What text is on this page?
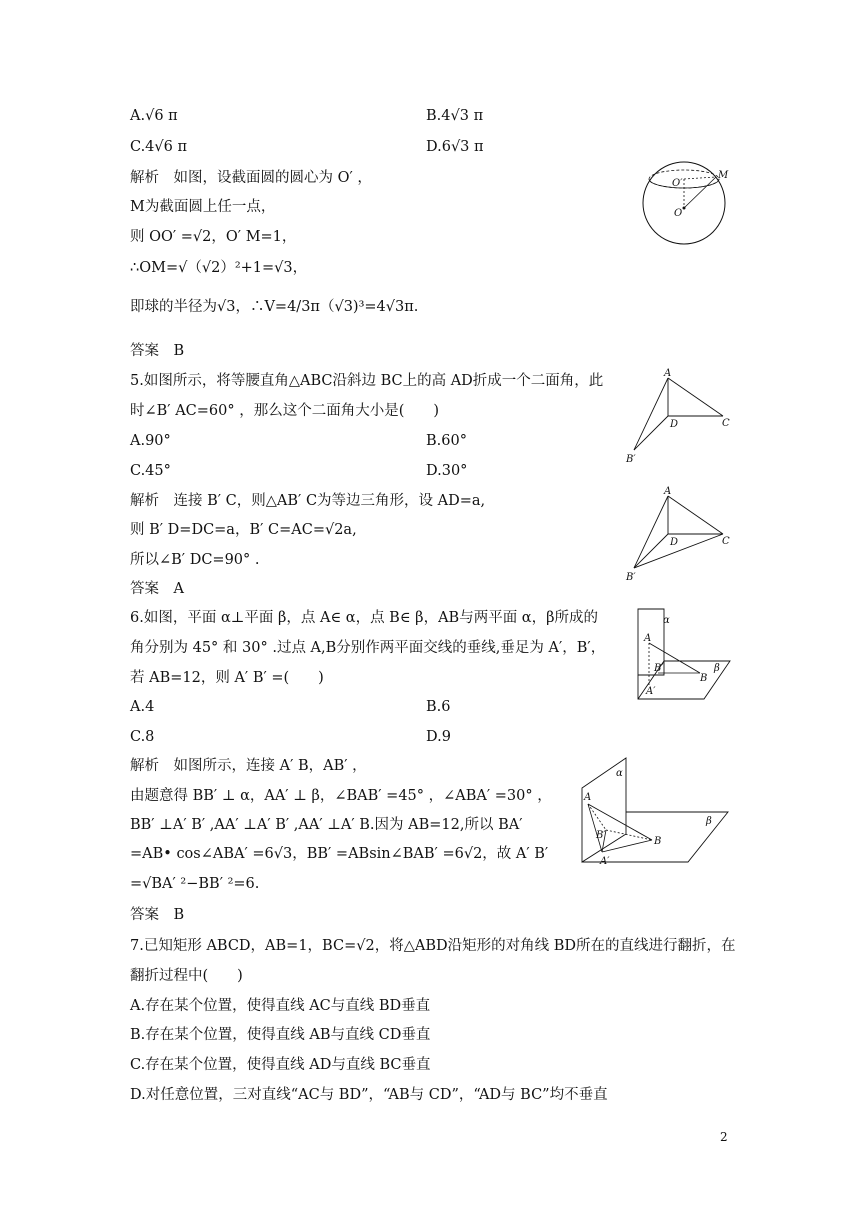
A.√6 π	B.4√3 π
C.4√6 π	D.6√3 π
解析　如图，设截面圆的圆心为 O′ ，
M为截面圆上任一点，
则 OO′ =√2，O′ M=1，
∴OM=√（√2）²+1=√3，
即球的半径为√3，∴V=4/3π（√3)³=4√3π.
答案　B
O′
M
O
5.如图所示，将等腰直角△ABC沿斜边 BC上的高 AD折成一个二面角，此
时∠B′ AC=60° ，那么这个二面角大小是(　　)
A.90°	B.60°
C.45°	D.30°
解析　连接 B′ C，则△AB′ C为等边三角形，设 AD=a,
则 B′ D=DC=a，B′ C=AC=√2a,
所以∠B′ DC=90° .
答案　A
A
D	C
B′
A
D	C
B′
6.如图，平面 α⊥平面 β，点 A∈ α，点 B∈ β，AB与两平面 α，β所成的
角分别为 45° 和 30° .过点 A,B分别作两平面交线的垂线,垂足为 A′，B′，
若 AB=12，则 A′ B′ =(　　)
A.4	B.6
C.8	D.9
解析　如图所示，连接 A′ B，AB′ ，
由题意得 BB′ ⊥ α，AA′ ⊥ β，∠BAB′ =45° ，∠ABA′ =30° ，
BB′ ⊥A′ B′ ,AA′ ⊥A′ B′ ,AA′ ⊥A′ B.因为 AB=12,所以 BA′
=AB• cos∠ABA′ =6√3，BB′ =ABsin∠BAB′ =6√2，故 A′ B′
=√BA′ ²−BB′ ²=6.
答案　B
α
A
B′
B
A′
β
α
A
B′
B
A′
β
7.已知矩形 ABCD，AB=1，BC=√2，将△ABD沿矩形的对角线 BD所在的直线进行翻折，在
翻折过程中(　　)
A.存在某个位置，使得直线 AC与直线 BD垂直
B.存在某个位置，使得直线 AB与直线 CD垂直
C.存在某个位置，使得直线 AD与直线 BC垂直
D.对任意位置，三对直线“AC与 BD”，“AB与 CD”，“AD与 BC”均不垂直
2
